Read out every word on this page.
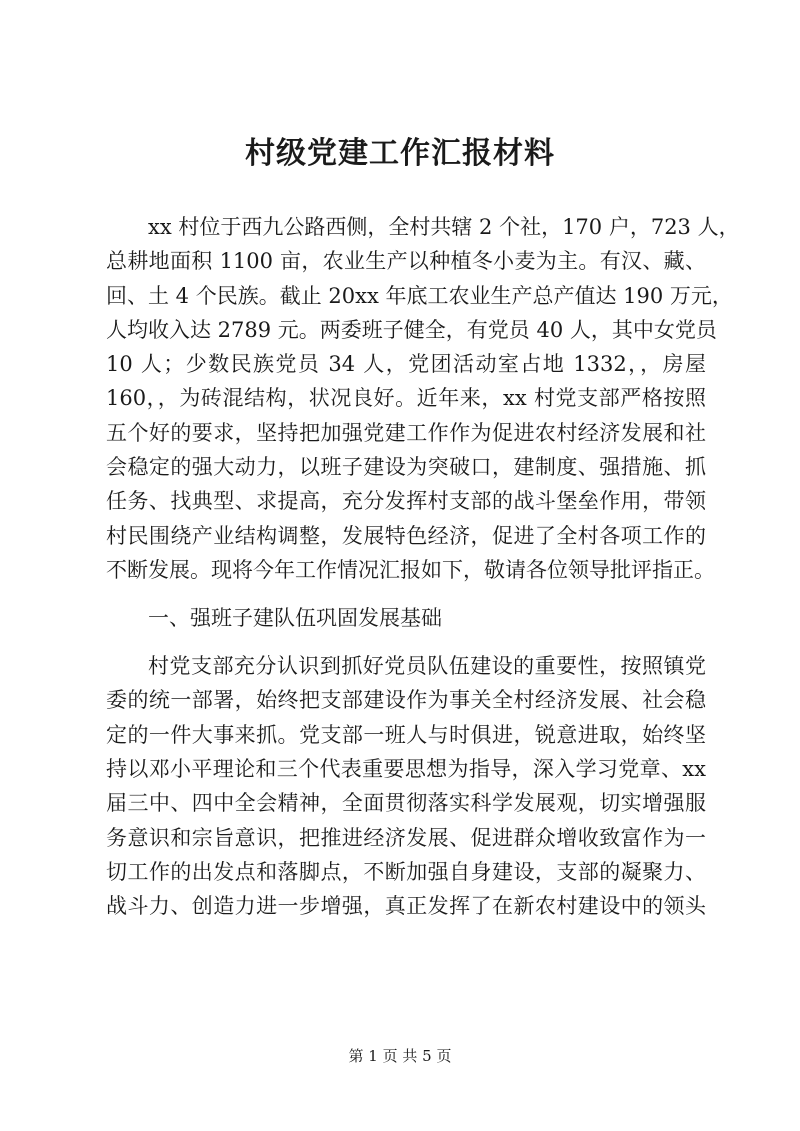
村级党建工作汇报材料

xx 村位于西九公路西侧，全村共辖 2 个社，170 户，723 人，

总耕地面积 1100 亩，农业生产以种植冬小麦为主。有汉、藏、

回、土 4 个民族。截止 20xx 年底工农业生产总产值达 190 万元，

人均收入达 2789 元。两委班子健全，有党员 40 人，其中女党员

10 人；少数民族党员 34 人，党团活动室占地 1332，，房屋

160，，为砖混结构，状况良好。近年来，xx 村党支部严格按照

五个好的要求，坚持把加强党建工作作为促进农村经济发展和社

会稳定的强大动力，以班子建设为突破口，建制度、强措施、抓

任务、找典型、求提高，充分发挥村支部的战斗堡垒作用，带领

村民围绕产业结构调整，发展特色经济，促进了全村各项工作的

不断发展。现将今年工作情况汇报如下，敬请各位领导批评指正。

一、强班子建队伍巩固发展基础

村党支部充分认识到抓好党员队伍建设的重要性，按照镇党

委的统一部署，始终把支部建设作为事关全村经济发展、社会稳

定的一件大事来抓。党支部一班人与时俱进，锐意进取，始终坚

持以邓小平理论和三个代表重要思想为指导，深入学习党章、xx

届三中、四中全会精神，全面贯彻落实科学发展观，切实增强服

务意识和宗旨意识，把推进经济发展、促进群众增收致富作为一

切工作的出发点和落脚点，不断加强自身建设，支部的凝聚力、

战斗力、创造力进一步增强，真正发挥了在新农村建设中的领头

第 1 页 共 5 页
